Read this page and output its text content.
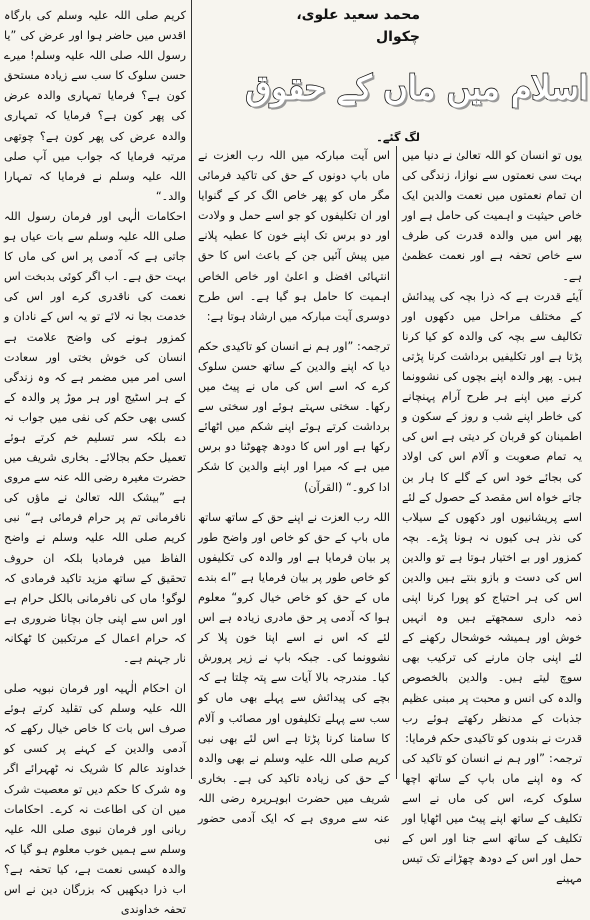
محمد سعید علوی، چکوال
اسلام میں ماں کے حقوق
لگ گئے۔

یوں تو انسان کو اللہ تعالیٰ نے دنیا میں بہت سی نعمتوں سے نوازا، زندگی کی ان تمام نعمتوں میں نعمت والدین ایک خاص حیثیت و اہمیت کی حامل ہے اور پھر اس میں والدہ قدرت کی طرف سے خاص تحفہ ہے اور نعمت عظمیٰ ہے۔

آیئے قدرت ہے کہ ذرا بچہ کی پیدائش کے مختلف مراحل میں دکھوں اور تکالیف سے بچہ کی والدہ کو کیا کرنا پڑتا ہے اور تکلیفیں برداشت کرنا پڑتی ہیں۔ پھر والدہ اپنے بچوں کی نشوونما کرنے میں اپنے ہر طرح آرام پہنچانے کی خاطر اپنے شب و روز کے سکون و اطمینان کو قربان کر دیتی ہے اس کی یہ تمام صعوبت و آلام اس کی اولاد کی بجائے خود اس کے گلے کا ہار بن جاتے خواہ اس مقصد کے حصول کے لئے اسے پریشانیوں اور دکھوں کے سیلاب کی نذر ہی کیوں نہ ہونا پڑے۔ بچہ کمزور اور بے اختیار ہوتا ہے تو والدین اس کی دست و بازو بنتے ہیں والدین اس کی ہر احتیاج کو پورا کرنا اپنی ذمہ داری سمجھتے ہیں وہ انہیں خوش اور ہمیشہ خوشحال رکھنے کے لئے اپنی جان مارنے کی ترکیب بھی سوچ لیتے ہیں۔ والدین بالخصوص والدہ کی انس و محبت پر مبنی عظیم جذبات کے مدنظر رکھتے ہوئے رب قدرت نے بندوں کو تاکیدی حکم فرمایا:

ترجمہ: ”اور ہم نے انسان کو تاکید کی کہ وہ اپنے ماں باپ کے ساتھ اچھا سلوک کرے، اس کی ماں نے اسے تکلیف کے ساتھ اپنے پیٹ میں اٹھایا اور تکلیف کے ساتھ اسے جنا اور اس کے حمل اور اس کے دودھ چھڑانے تک تیس مہینے

اس آیت مبارکہ میں اللہ رب العزت نے ماں باپ دونوں کے حق کی تاکید فرمائی مگر ماں کو پھر خاص الگ کر کے گنوایا اور ان تکلیفوں کو جو اسے حمل و ولادت اور دو برس تک اپنے خون کا عطیہ پلانے میں پیش آئیں جن کے باعث اس کا حق انتہائی افضل و اعلیٰ اور خاص الخاص اہمیت کا حامل ہو گیا ہے۔ اس طرح دوسری آیت مبارکہ میں ارشاد ہوتا ہے:

ترجمہ: ”اور ہم نے انسان کو تاکیدی حکم دیا کہ اپنے والدین کے ساتھ حسن سلوک کرے کہ اسے اس کی ماں نے پیٹ میں رکھا۔ سختی سہتے ہوئے اور سختی سے برداشت کرتے ہوئے اپنے شکم میں اٹھائے رکھا ہے اور اس کا دودھ چھوٹنا دو برس میں ہے کہ میرا اور اپنے والدین کا شکر ادا کرو۔“ (القرآن)

اللہ رب العزت نے اپنے حق کے ساتھ ساتھ ماں باپ کے حق کو خاص اور واضح طور پر بیان فرمایا ہے اور والدہ کی تکلیفوں کو خاص طور پر بیان فرمایا ہے ”اے بندے ماں کے حق کو خاص خیال کرو“ معلوم ہوا کہ آدمی پر حق مادری زیادہ ہے اس لئے کہ اس نے اسے اپنا خون پلا کر نشوونما کی۔ جبکہ باپ نے زیر پرورش کیا۔ مندرجہ بالا آیات سے پتہ چلتا ہے کہ بچے کی پیدائش سے پہلے بھی ماں کو سب سے پہلے تکلیفوں اور مصائب و آلام کا سامنا کرنا پڑتا ہے اس لئے بھی نبی کریم صلی اللہ علیہ وسلم نے بھی والدہ کے حق کی زیادہ تاکید کی ہے۔ بخاری شریف میں حضرت ابوہریرہ رضی اللہ عنہ سے مروی ہے کہ ایک آدمی حضور نبی

کریم صلی اللہ علیہ وسلم کی بارگاہ اقدس میں حاضر ہوا اور عرض کی ”یا رسول اللہ صلی اللہ علیہ وسلم! میرے حسن سلوک کا سب سے زیادہ مستحق کون ہے؟ فرمایا تمہاری والدہ عرض کی پھر کون ہے؟ فرمایا کہ تمہاری والدہ عرض کی پھر کون ہے؟ چوتھی مرتبہ فرمایا کہ جواب میں آپ صلی اللہ علیہ وسلم نے فرمایا کہ تمہارا والد۔“

احکامات الٰہی اور فرمان رسول اللہ صلی اللہ علیہ وسلم سے بات عیاں ہو جاتی ہے کہ آدمی پر اس کی ماں کا بہت حق ہے۔ اب اگر کوئی بدبخت اس نعمت کی ناقدری کرے اور اس کی خدمت بجا نہ لائے تو یہ اس کے نادان و کمزور ہونے کی واضح علامت ہے انسان کی خوش بختی اور سعادت اسی امر میں مضمر ہے کہ وہ زندگی کے ہر اسٹیج اور ہر موڑ پر والدہ کے کسی بھی حکم کی نفی میں جواب نہ دے بلکہ سر تسلیم خم کرتے ہوئے تعمیل حکم بجالائے۔ بخاری شریف میں حضرت مغیرہ رضی اللہ عنہ سے مروی ہے ”بیشک اللہ تعالیٰ نے ماؤں کی نافرمانی تم پر حرام فرمائی ہے“ نبی کریم صلی اللہ علیہ وسلم نے واضح الفاظ میں فرمادیا بلکہ ان حروف تحقیق کے ساتھ مزید تاکید فرمادی کہ لوگو! ماں کی نافرمانی بالکل حرام ہے اور اس سے اپنی جان بچانا ضروری ہے کہ حرام اعمال کے مرتکبین کا ٹھکانہ نار جہنم ہے۔

ان احکام الٰہیہ اور فرمان نبویہ صلی اللہ علیہ وسلم کی تقلید کرتے ہوئے صرف اس بات کا خاص خیال رکھے کہ آدمی والدین کے کہنے پر کسی کو خداوند عالم کا شریک نہ ٹھہرائے اگر وہ شرک کا حکم دیں تو معصیت شرک میں ان کی اطاعت نہ کرے۔ احکامات ربانی اور فرمان نبوی صلی اللہ علیہ وسلم سے ہمیں خوب معلوم ہو گیا کہ والدہ کیسی نعمت ہے، کیا تحفہ ہے؟ اب ذرا دیکھیں کہ بزرگان دین نے اس تحفہ خداوندی
